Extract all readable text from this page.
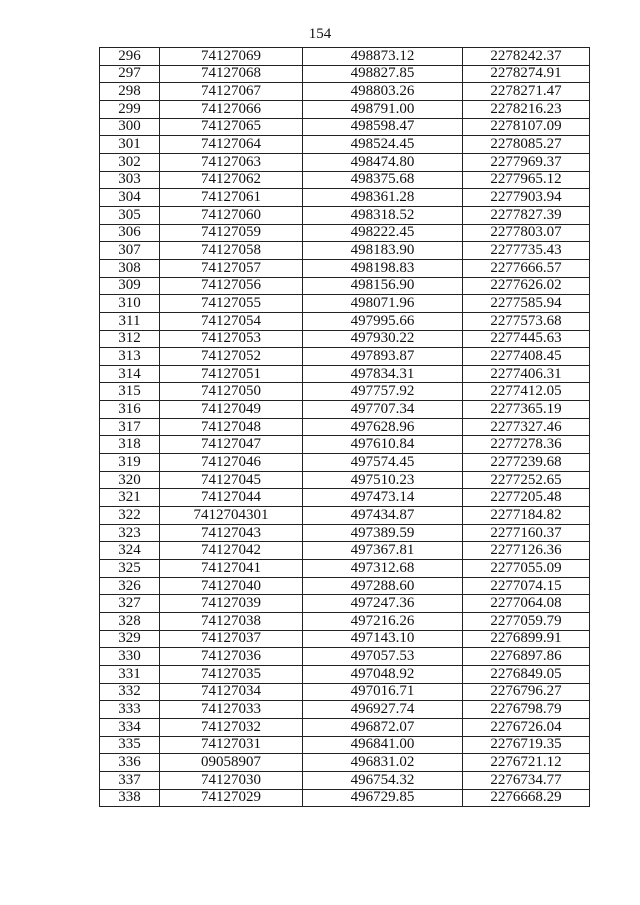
154
296	74127069	498873.12	2278242.37
297	74127068	498827.85	2278274.91
298	74127067	498803.26	2278271.47
299	74127066	498791.00	2278216.23
300	74127065	498598.47	2278107.09
301	74127064	498524.45	2278085.27
302	74127063	498474.80	2277969.37
303	74127062	498375.68	2277965.12
304	74127061	498361.28	2277903.94
305	74127060	498318.52	2277827.39
306	74127059	498222.45	2277803.07
307	74127058	498183.90	2277735.43
308	74127057	498198.83	2277666.57
309	74127056	498156.90	2277626.02
310	74127055	498071.96	2277585.94
311	74127054	497995.66	2277573.68
312	74127053	497930.22	2277445.63
313	74127052	497893.87	2277408.45
314	74127051	497834.31	2277406.31
315	74127050	497757.92	2277412.05
316	74127049	497707.34	2277365.19
317	74127048	497628.96	2277327.46
318	74127047	497610.84	2277278.36
319	74127046	497574.45	2277239.68
320	74127045	497510.23	2277252.65
321	74127044	497473.14	2277205.48
322	7412704301	497434.87	2277184.82
323	74127043	497389.59	2277160.37
324	74127042	497367.81	2277126.36
325	74127041	497312.68	2277055.09
326	74127040	497288.60	2277074.15
327	74127039	497247.36	2277064.08
328	74127038	497216.26	2277059.79
329	74127037	497143.10	2276899.91
330	74127036	497057.53	2276897.86
331	74127035	497048.92	2276849.05
332	74127034	497016.71	2276796.27
333	74127033	496927.74	2276798.79
334	74127032	496872.07	2276726.04
335	74127031	496841.00	2276719.35
336	09058907	496831.02	2276721.12
337	74127030	496754.32	2276734.77
338	74127029	496729.85	2276668.29
